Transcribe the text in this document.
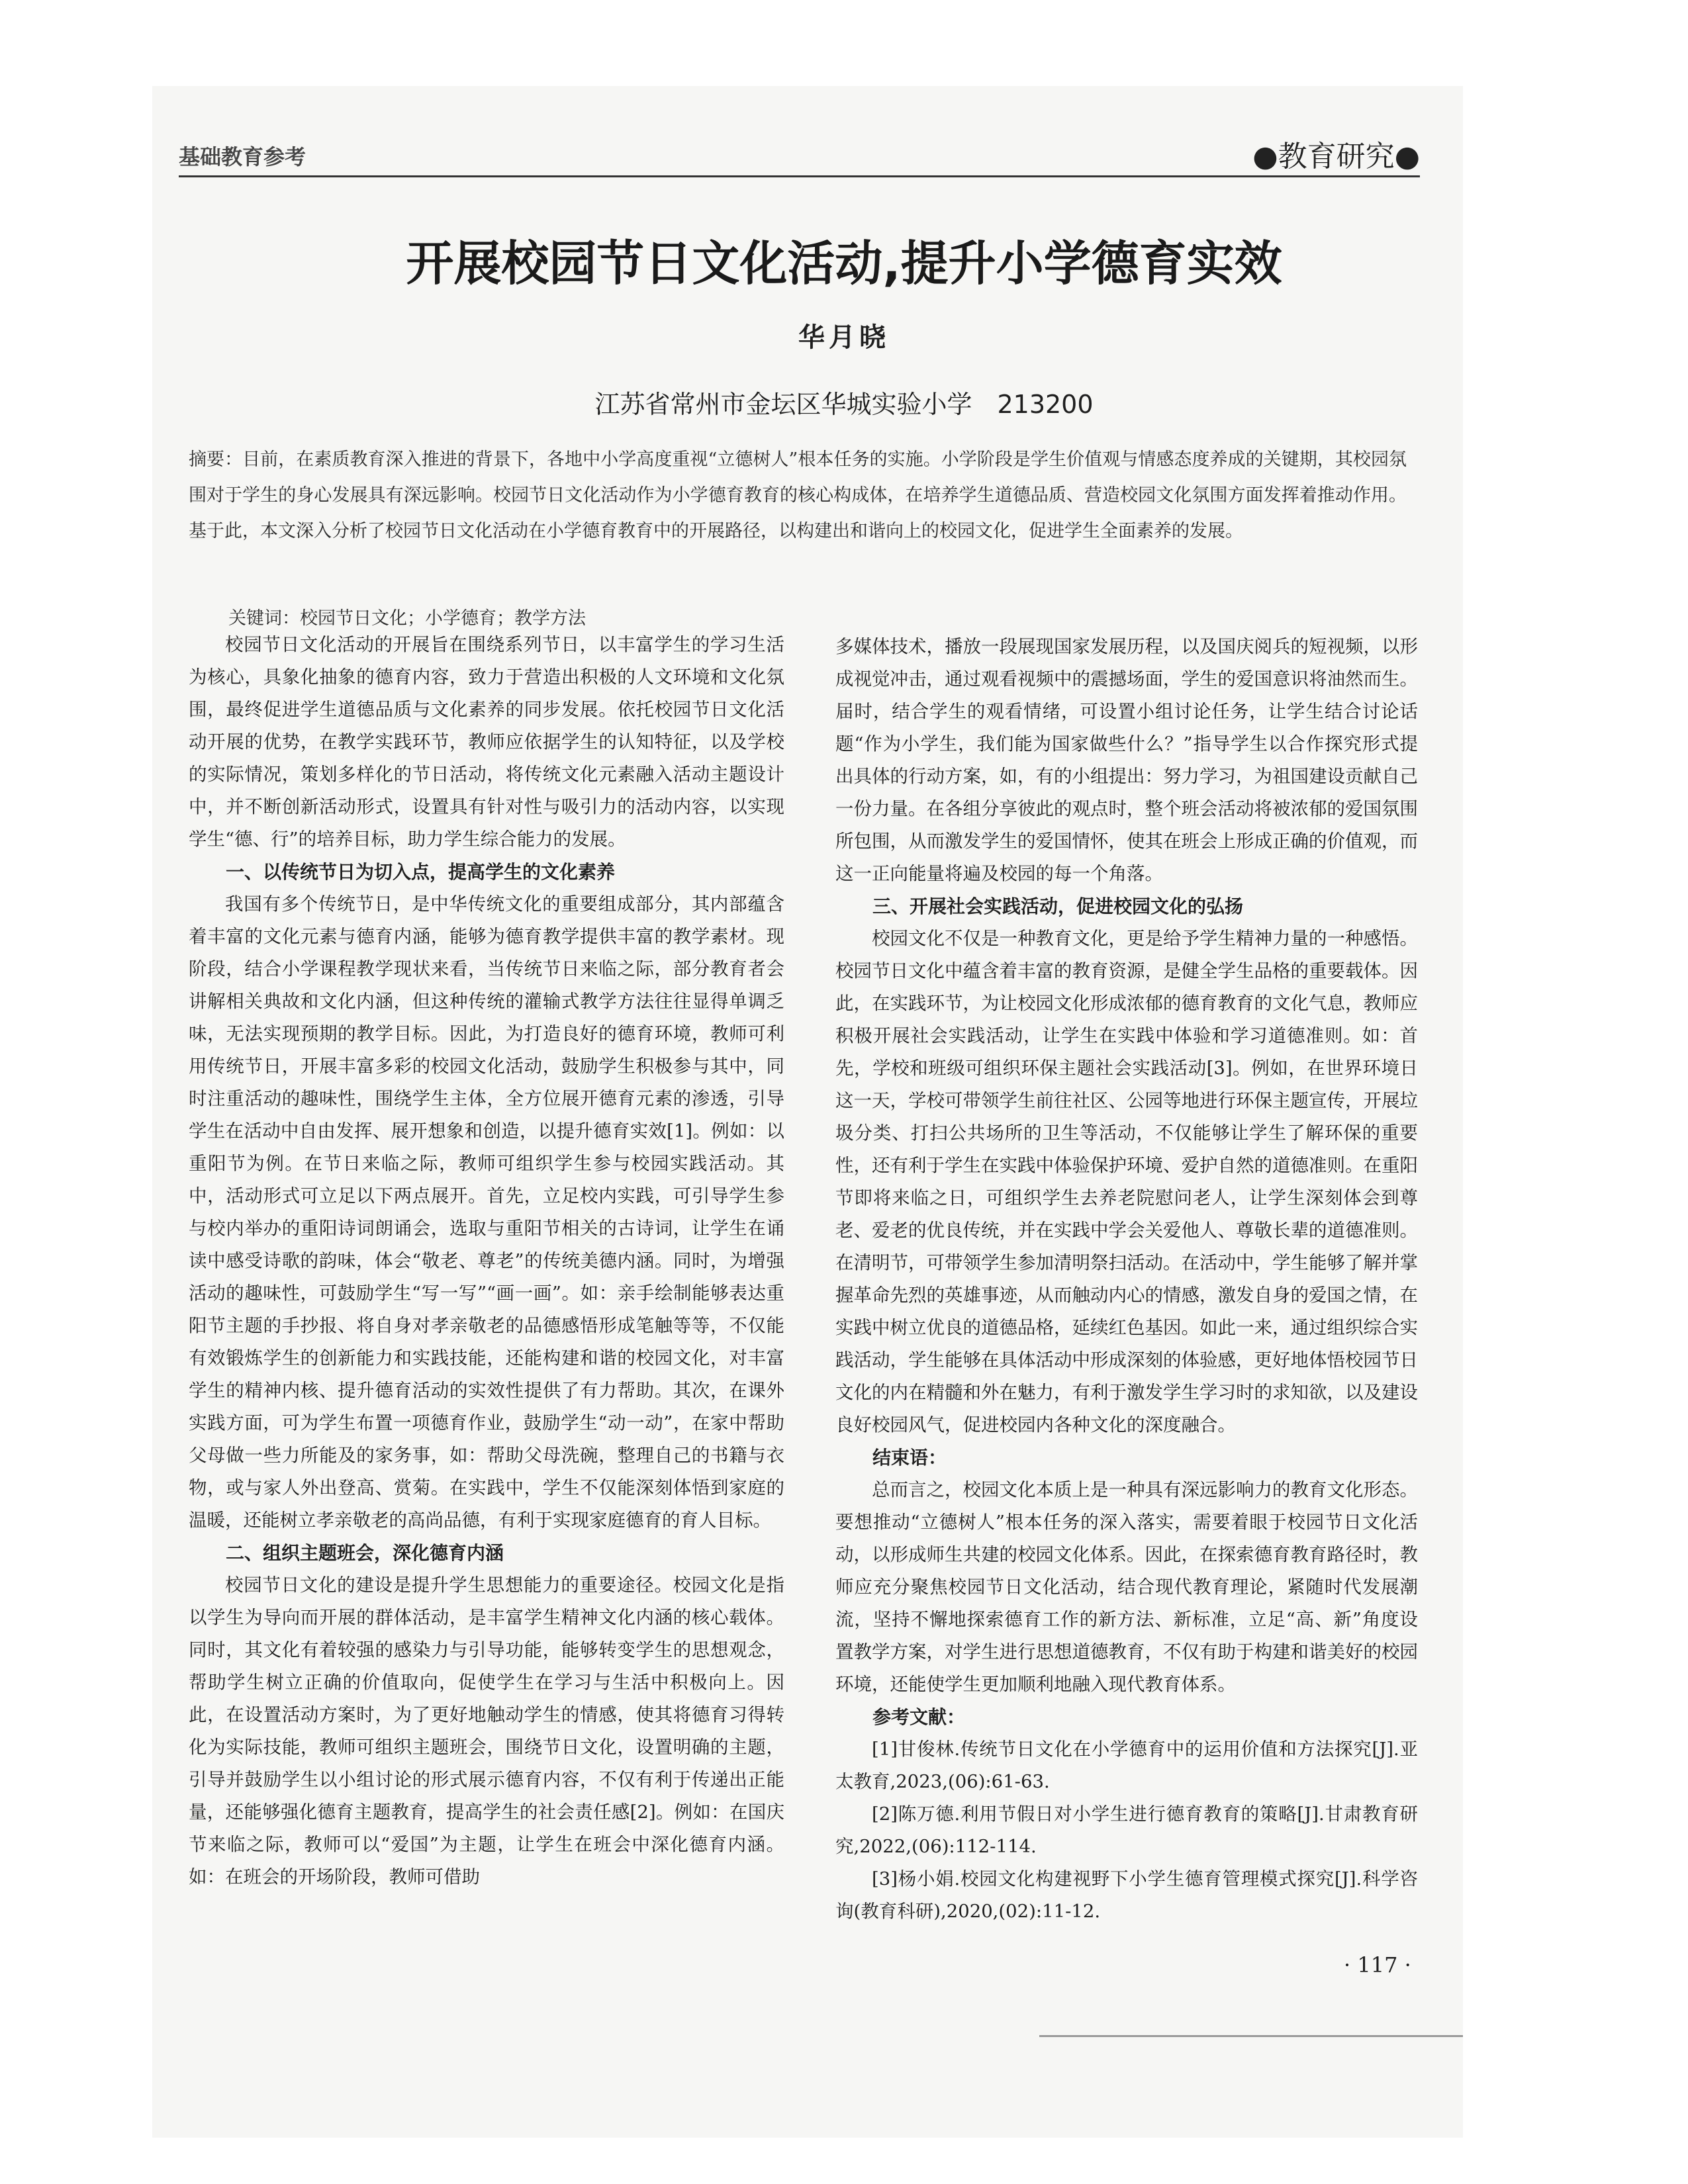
基础教育参考	●教育研究●
开展校园节日文化活动,提升小学德育实效
华月晓
江苏省常州市金坛区华城实验小学　213200
摘要：目前，在素质教育深入推进的背景下，各地中小学高度重视“立德树人”根本任务的实施。小学阶段是学生价值观与情感态度养成的关键期，其校园氛围对于学生的身心发展具有深远影响。校园节日文化活动作为小学德育教育的核心构成体，在培养学生道德品质、营造校园文化氛围方面发挥着推动作用。基于此，本文深入分析了校园节日文化活动在小学德育教育中的开展路径，以构建出和谐向上的校园文化，促进学生全面素养的发展。
关键词：校园节日文化；小学德育；教学方法

校园节日文化活动的开展旨在围绕系列节日，以丰富学生的学习生活为核心，具象化抽象的德育内容，致力于营造出积极的人文环境和文化氛围，最终促进学生道德品质与文化素养的同步发展。依托校园节日文化活动开展的优势，在教学实践环节，教师应依据学生的认知特征，以及学校的实际情况，策划多样化的节日活动，将传统文化元素融入活动主题设计中，并不断创新活动形式，设置具有针对性与吸引力的活动内容，以实现学生“德、行”的培养目标，助力学生综合能力的发展。

一、以传统节日为切入点，提高学生的文化素养

我国有多个传统节日，是中华传统文化的重要组成部分，其内部蕴含着丰富的文化元素与德育内涵，能够为德育教学提供丰富的教学素材。现阶段，结合小学课程教学现状来看，当传统节日来临之际，部分教育者会讲解相关典故和文化内涵，但这种传统的灌输式教学方法往往显得单调乏味，无法实现预期的教学目标。因此，为打造良好的德育环境，教师可利用传统节日，开展丰富多彩的校园文化活动，鼓励学生积极参与其中，同时注重活动的趣味性，围绕学生主体，全方位展开德育元素的渗透，引导学生在活动中自由发挥、展开想象和创造，以提升德育实效[1]。例如：以重阳节为例。在节日来临之际，教师可组织学生参与校园实践活动。其中，活动形式可立足以下两点展开。首先，立足校内实践，可引导学生参与校内举办的重阳诗词朗诵会，选取与重阳节相关的古诗词，让学生在诵读中感受诗歌的韵味，体会“敬老、尊老”的传统美德内涵。同时，为增强活动的趣味性，可鼓励学生“写一写”“画一画”。如：亲手绘制能够表达重阳节主题的手抄报、将自身对孝亲敬老的品德感悟形成笔触等等，不仅能有效锻炼学生的创新能力和实践技能，还能构建和谐的校园文化，对丰富学生的精神内核、提升德育活动的实效性提供了有力帮助。其次，在课外实践方面，可为学生布置一项德育作业，鼓励学生“动一动”，在家中帮助父母做一些力所能及的家务事，如：帮助父母洗碗，整理自己的书籍与衣物，或与家人外出登高、赏菊。在实践中，学生不仅能深刻体悟到家庭的温暖，还能树立孝亲敬老的高尚品德，有利于实现家庭德育的育人目标。

二、组织主题班会，深化德育内涵

校园节日文化的建设是提升学生思想能力的重要途径。校园文化是指以学生为导向而开展的群体活动，是丰富学生精神文化内涵的核心载体。同时，其文化有着较强的感染力与引导功能，能够转变学生的思想观念，帮助学生树立正确的价值取向，促使学生在学习与生活中积极向上。因此，在设置活动方案时，为了更好地触动学生的情感，使其将德育习得转化为实际技能，教师可组织主题班会，围绕节日文化，设置明确的主题，引导并鼓励学生以小组讨论的形式展示德育内容，不仅有利于传递出正能量，还能够强化德育主题教育，提高学生的社会责任感[2]。例如：在国庆节来临之际，教师可以“爱国”为主题，让学生在班会中深化德育内涵。如：在班会的开场阶段，教师可借助

多媒体技术，播放一段展现国家发展历程，以及国庆阅兵的短视频，以形成视觉冲击，通过观看视频中的震撼场面，学生的爱国意识将油然而生。届时，结合学生的观看情绪，可设置小组讨论任务，让学生结合讨论话题“作为小学生，我们能为国家做些什么？”指导学生以合作探究形式提出具体的行动方案，如，有的小组提出：努力学习，为祖国建设贡献自己一份力量。在各组分享彼此的观点时，整个班会活动将被浓郁的爱国氛围所包围，从而激发学生的爱国情怀，使其在班会上形成正确的价值观，而这一正向能量将遍及校园的每一个角落。

三、开展社会实践活动，促进校园文化的弘扬

校园文化不仅是一种教育文化，更是给予学生精神力量的一种感悟。校园节日文化中蕴含着丰富的教育资源，是健全学生品格的重要载体。因此，在实践环节，为让校园文化形成浓郁的德育教育的文化气息，教师应积极开展社会实践活动，让学生在实践中体验和学习道德准则。如：首先，学校和班级可组织环保主题社会实践活动[3]。例如，在世界环境日这一天，学校可带领学生前往社区、公园等地进行环保主题宣传，开展垃圾分类、打扫公共场所的卫生等活动，不仅能够让学生了解环保的重要性，还有利于学生在实践中体验保护环境、爱护自然的道德准则。在重阳节即将来临之日，可组织学生去养老院慰问老人，让学生深刻体会到尊老、爱老的优良传统，并在实践中学会关爱他人、尊敬长辈的道德准则。在清明节，可带领学生参加清明祭扫活动。在活动中，学生能够了解并掌握革命先烈的英雄事迹，从而触动内心的情感，激发自身的爱国之情，在实践中树立优良的道德品格，延续红色基因。如此一来，通过组织综合实践活动，学生能够在具体活动中形成深刻的体验感，更好地体悟校园节日文化的内在精髓和外在魅力，有利于激发学生学习时的求知欲，以及建设良好校园风气，促进校园内各种文化的深度融合。

结束语：

总而言之，校园文化本质上是一种具有深远影响力的教育文化形态。要想推动“立德树人”根本任务的深入落实，需要着眼于校园节日文化活动，以形成师生共建的校园文化体系。因此，在探索德育教育路径时，教师应充分聚焦校园节日文化活动，结合现代教育理论，紧随时代发展潮流，坚持不懈地探索德育工作的新方法、新标准，立足“高、新”角度设置教学方案，对学生进行思想道德教育，不仅有助于构建和谐美好的校园环境，还能使学生更加顺利地融入现代教育体系。

参考文献：

[1]甘俊林.传统节日文化在小学德育中的运用价值和方法探究[J].亚太教育,2023,(06):61-63.

[2]陈万德.利用节假日对小学生进行德育教育的策略[J].甘肃教育研究,2022,(06):112-114.

[3]杨小娟.校园文化构建视野下小学生德育管理模式探究[J].科学咨询(教育科研),2020,(02):11-12.

· 117 ·
